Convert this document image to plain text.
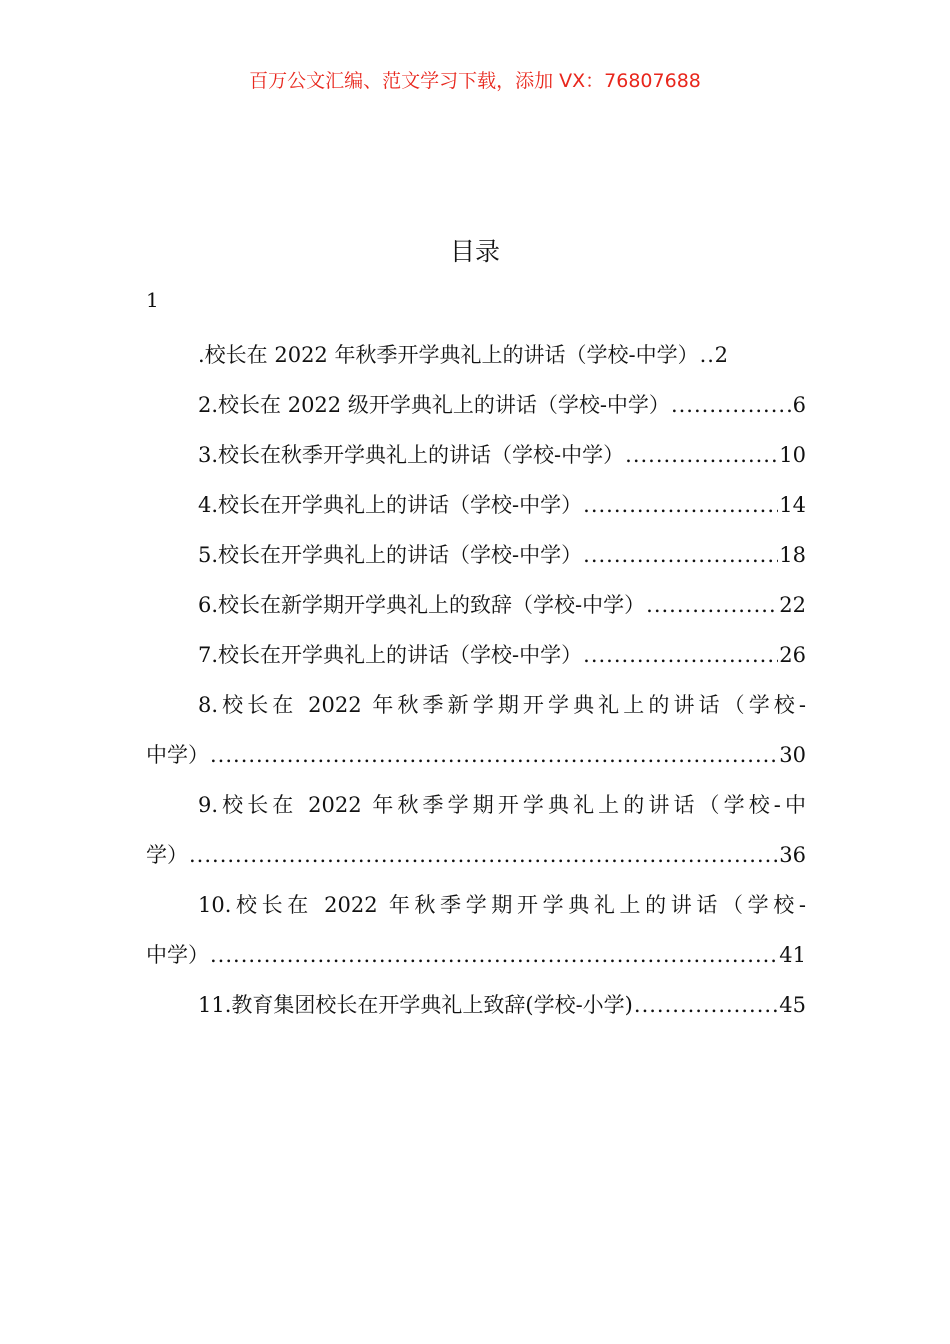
百万公文汇编、范文学习下载，添加 VX：76807688
目录
1
.校长在 2022 年秋季开学典礼上的讲话（学校-中学） ..... 2
2.校长在 2022 级开学典礼上的讲话（学校-中学） .....	6
3.校长在秋季开学典礼上的讲话（学校-中学） .....	10
4.校长在开学典礼上的讲话（学校-中学） .....	14
5.校长在开学典礼上的讲话（学校-中学） .....	18
6.校长在新学期开学典礼上的致辞（学校-中学） .....	22
7.校长在开学典礼上的讲话（学校-中学） .....	26
8.校长在 2022 年秋季新学期开学典礼上的讲话（学校-
中学） .....	30
9.校长在 2022 年秋季学期开学典礼上的讲话（学校-中
学） .....	36
10.校长在 2022 年秋季学期开学典礼上的讲话（学校-
中学） .....	41
11.教育集团校长在开学典礼上致辞(学校-小学) .....	45
